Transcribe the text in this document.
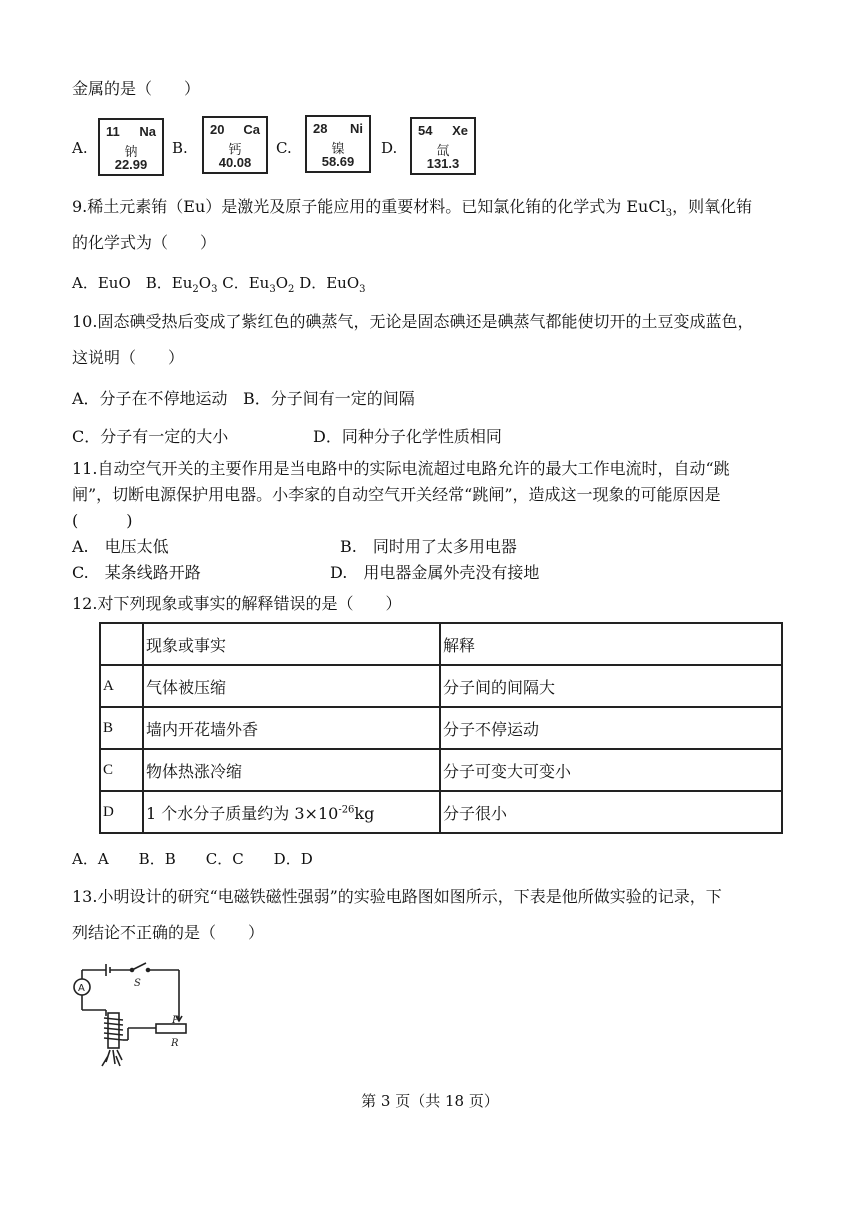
金属的是（　　）
A.
11 Na
钠
22.99
B.
20 Ca
钙
40.08
C.
28 Ni
镍
58.69
D.
54 Xe
氙
131.3
9.稀土元素铕（Eu）是激光及原子能应用的重要材料。已知氯化铕的化学式为 EuCl$_3$，则氧化铕
的化学式为（　　）
A．EuO　 B．$Eu_2O_3$ C．$Eu_3O_2$ D．EuO$_3$
10.固态碘受热后变成了紫红色的碘蒸气，无论是固态碘还是碘蒸气都能使切开的土豆变成蓝色，
这说明（　　）
A．分子在不停地运动 B．分子间有一定的间隔
C．分子有一定的大小	D．同种分子化学性质相同
11.自动空气开关的主要作用是当电路中的实际电流超过电路允许的最大工作电流时，自动“跳
闸”，切断电源保护用电器。小李家的自动空气开关经常“跳闸”，造成这一现象的可能原因是
(　　　)
A.　电压太低	B.　同时用了太多用电器
C.　某条线路开路	D.　用电器金属外壳没有接地
12.对下列现象或事实的解释错误的是（　　）
	现象或事实	解释
A	气体被压缩	分子间的间隔大
B	墙内开花墙外香	分子不停运动
C	物体热涨冷缩	分子可变大可变小
D	1 个水分子质量约为 $3\times 10^{-26}kg$	分子很小
A．A　　B．B　　C．C　　D．D
13.小明设计的研究“电磁铁磁性强弱”的实验电路图如图所示，下表是他所做实验的记录，下
列结论不正确的是（　　）
S
A
P
R
第 3 页（共 18 页）
